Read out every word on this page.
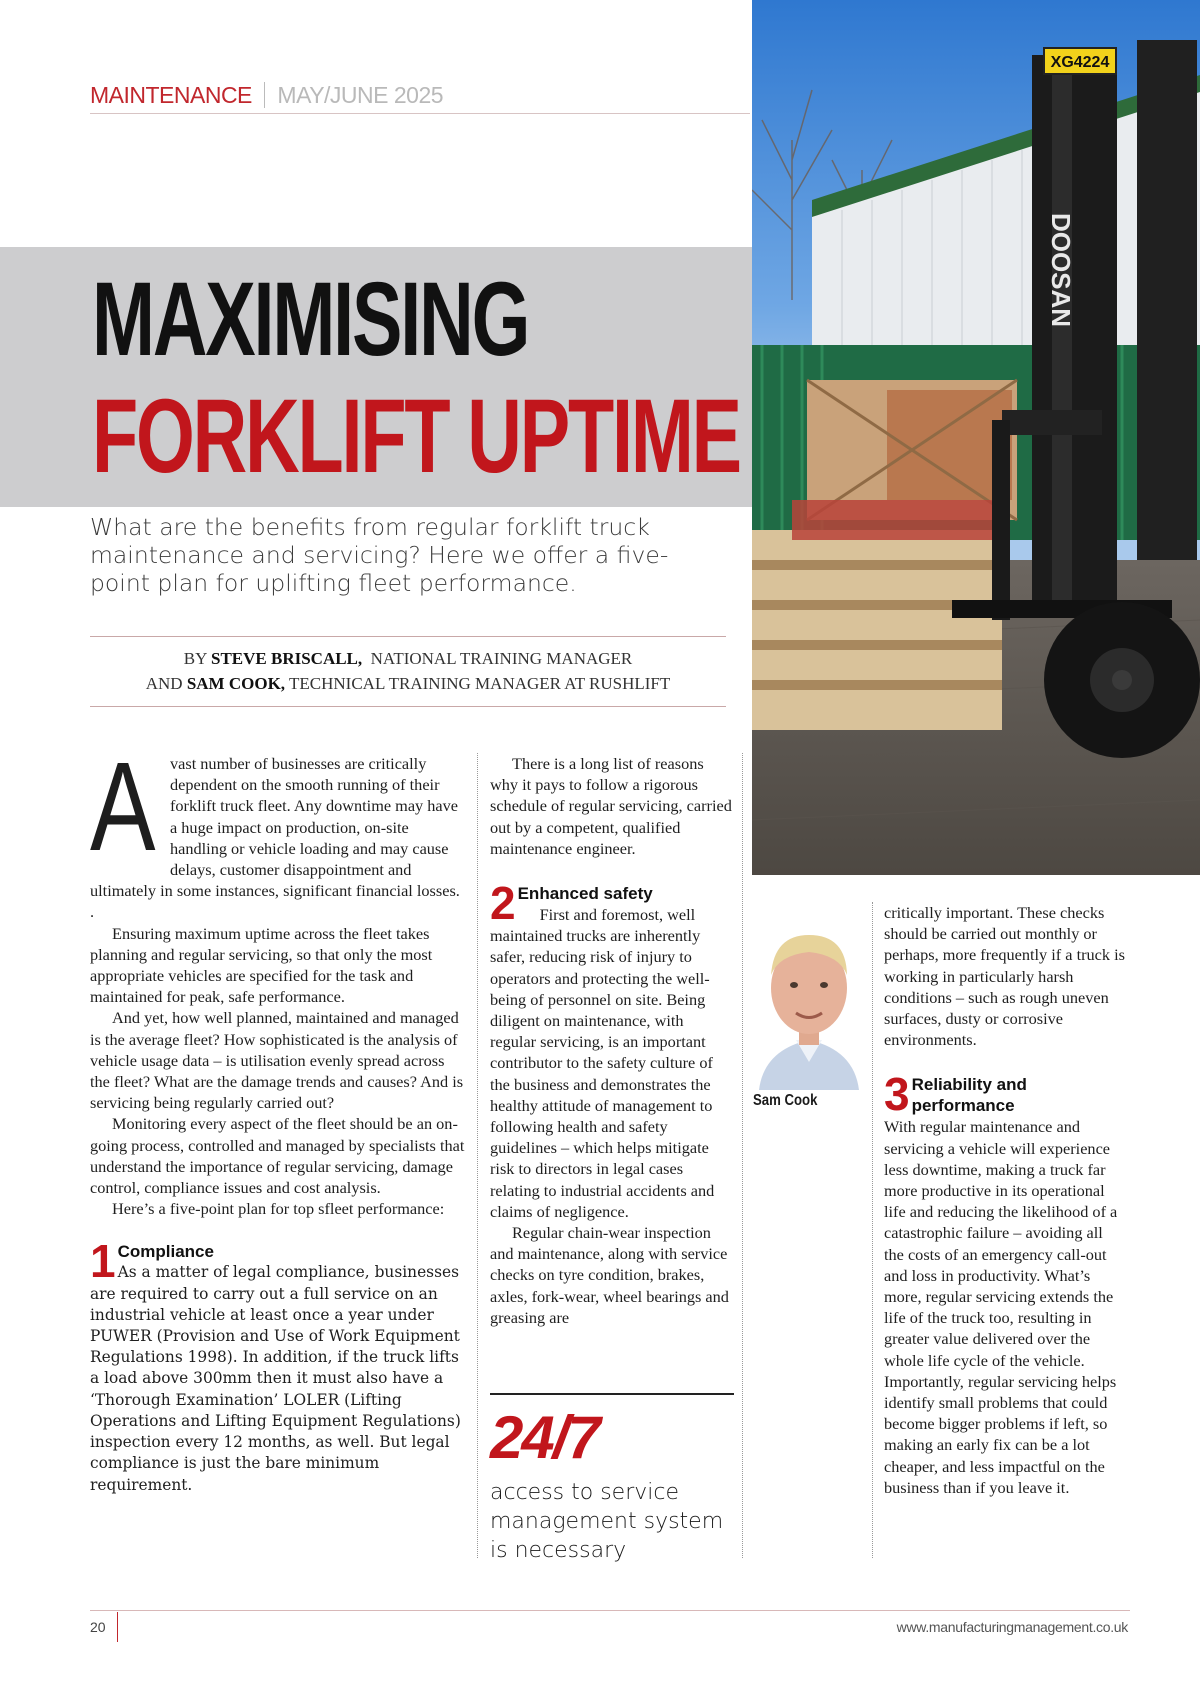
MAINTENANCE MAY/JUNE 2025
XG4224
DOOSAN
MAXIMISING
FORKLIFT UPTIME
What are the benefits from regular forklift truck maintenance and servicing? Here we offer a five-point plan for uplifting fleet performance.
BY STEVE BRISCALL, NATIONAL TRAINING MANAGER
AND SAM COOK, TECHNICAL TRAINING MANAGER AT RUSHLIFT
A vast number of businesses are critically dependent on the smooth running of their forklift truck fleet. Any downtime may have a huge impact on production, on-site handling or vehicle loading and may cause delays, customer disappointment and ultimately in some instances, significant financial losses. .

Ensuring maximum uptime across the fleet takes planning and regular servicing, so that only the most appropriate vehicles are specified for the task and maintained for peak, safe performance.

And yet, how well planned, maintained and managed is the average fleet? How sophisticated is the analysis of vehicle usage data – is utilisation evenly spread across the fleet? What are the damage trends and causes? And is servicing being regularly carried out?

Monitoring every aspect of the fleet should be an on-going process, controlled and managed by specialists that understand the importance of regular servicing, damage control, compliance issues and cost analysis.

Here’s a five-point plan for top sfleet performance:

1 Compliance

As a matter of legal compliance, businesses are required to carry out a full service on an industrial vehicle at least once a year under PUWER (Provision and Use of Work Equipment Regulations 1998). In addition, if the truck lifts a load above 300mm then it must also have a ‘Thorough Examination’ LOLER (Lifting Operations and Lifting Equipment Regulations) inspection every 12 months, as well. But legal compliance is just the bare minimum requirement.

There is a long list of reasons why it pays to follow a rigorous schedule of regular servicing, carried out by a competent, qualified maintenance engineer.

2 Enhanced safety

First and foremost, well maintained trucks are inherently safer, reducing risk of injury to operators and protecting the well-being of personnel on site. Being diligent on maintenance, with regular servicing, is an important contributor to the safety culture of the business and demonstrates the healthy attitude of management to following health and safety guidelines – which helps mitigate risk to directors in legal cases relating to industrial accidents and claims of negligence.

Regular chain-wear inspection and maintenance, along with service checks on tyre condition, brakes, axles, fork-wear, wheel bearings and greasing are

24/7
access to service management system is necessary
Sam Cook

critically important. These checks should be carried out monthly or perhaps, more frequently if a truck is working in particularly harsh conditions – such as rough uneven surfaces, dusty or corrosive environments.

3 Reliability and performance

With regular maintenance and servicing a vehicle will experience less downtime, making a truck far more productive in its operational life and reducing the likelihood of a catastrophic failure – avoiding all the costs of an emergency call-out and loss in productivity. What’s more, regular servicing extends the life of the truck too, resulting in greater value delivered over the whole life cycle of the vehicle. Importantly, regular servicing helps identify small problems that could become bigger problems if left, so making an early fix can be a lot cheaper, and less impactful on the business than if you leave it.

20	www.manufacturingmanagement.co.uk
